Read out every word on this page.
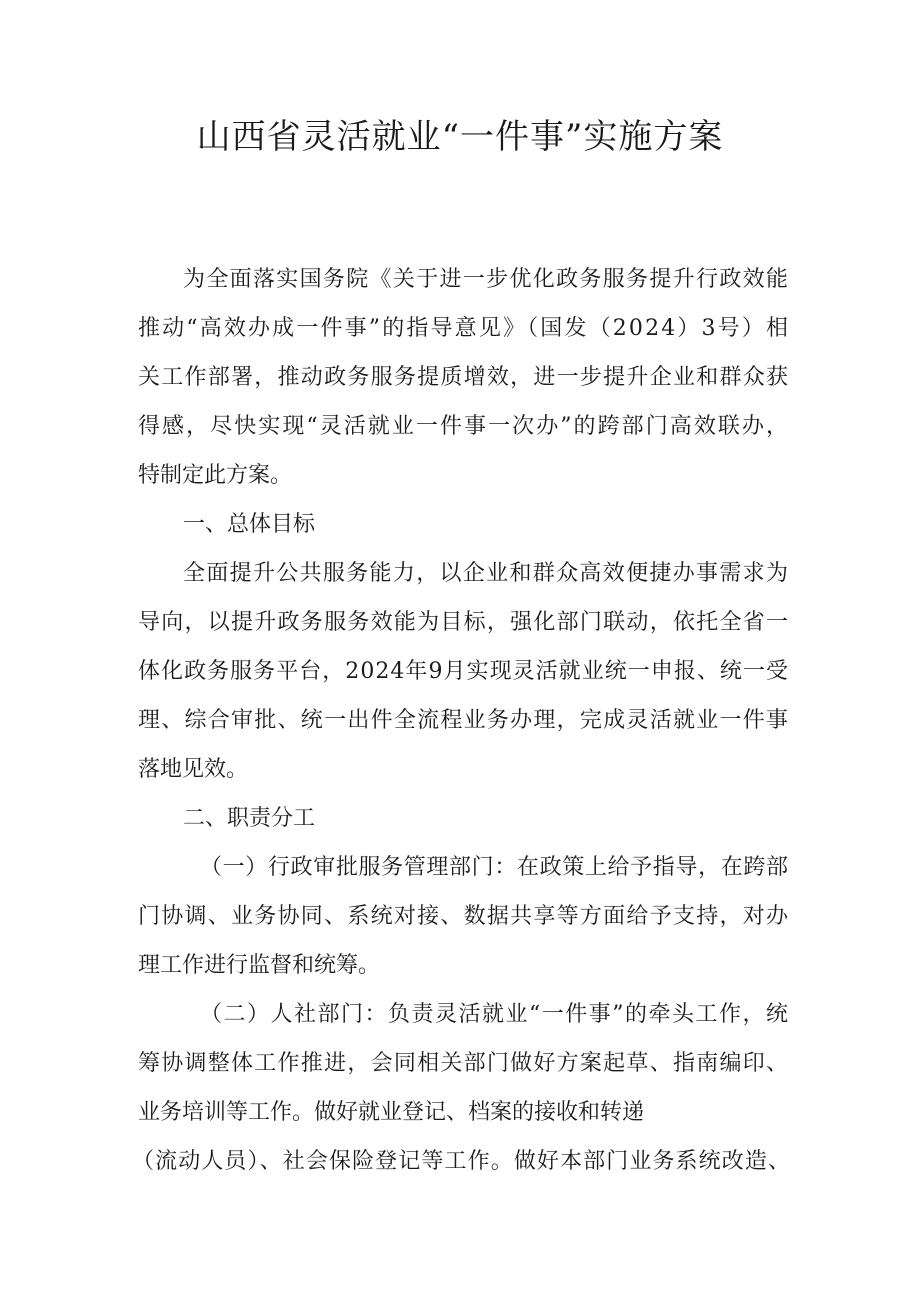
山西省灵活就业“一件事”实施方案
为全面落实国务院《关于进一步优化政务服务提升行政效能
推动“高效办成一件事”的指导意见》（国发（2024）3号）相
关工作部署，推动政务服务提质增效，进一步提升企业和群众获
得感，尽快实现“灵活就业一件事一次办”的跨部门高效联办，
特制定此方案。
一、总体目标
全面提升公共服务能力，以企业和群众高效便捷办事需求为
导向，以提升政务服务效能为目标，强化部门联动，依托全省一
体化政务服务平台，2024年9月实现灵活就业统一申报、统一受
理、综合审批、统一出件全流程业务办理，完成灵活就业一件事
落地见效。
二、职责分工
（一）行政审批服务管理部门：在政策上给予指导，在跨部
门协调、业务协同、系统对接、数据共享等方面给予支持，对办
理工作进行监督和统筹。
（二）人社部门：负责灵活就业“一件事”的牵头工作，统
筹协调整体工作推进，会同相关部门做好方案起草、指南编印、
业务培训等工作。做好就业登记、档案的接收和转递
（流动人员）、社会保险登记等工作。做好本部门业务系统改造、
